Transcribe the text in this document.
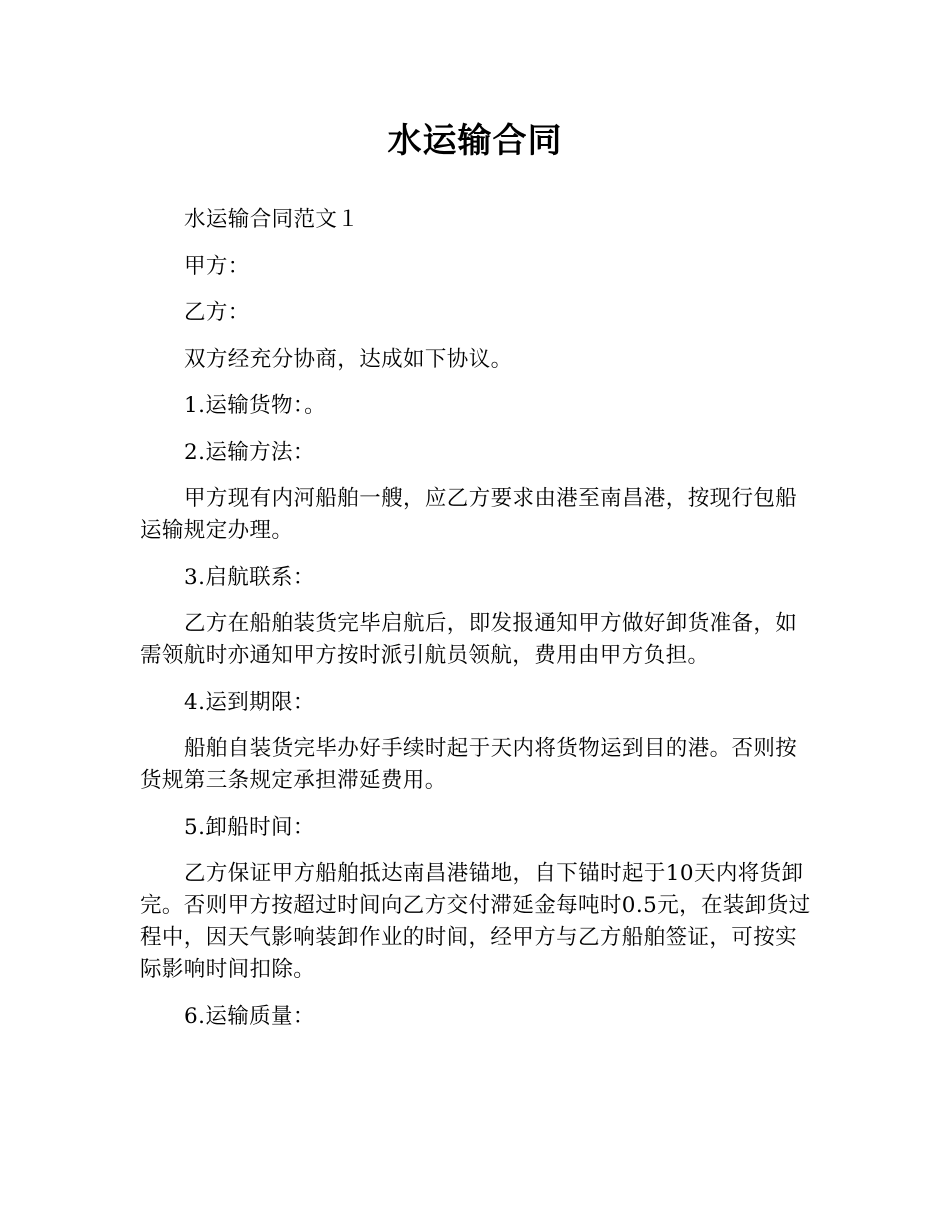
水运输合同

水运输合同范文１

甲方：

乙方：

双方经充分协商，达成如下协议。

1.运输货物：。

2.运输方法：

甲方现有内河船舶一艘，应乙方要求由港至南昌港，按现行包船运输规定办理。

3.启航联系：

乙方在船舶装货完毕启航后，即发报通知甲方做好卸货准备，如需领航时亦通知甲方按时派引航员领航，费用由甲方负担。

4.运到期限：

船舶自装货完毕办好手续时起于天内将货物运到目的港。否则按货规第三条规定承担滞延费用。

5.卸船时间：

乙方保证甲方船舶抵达南昌港锚地，自下锚时起于10天内将货卸完。否则甲方按超过时间向乙方交付滞延金每吨时0.5元，在装卸货过程中，因天气影响装卸作业的时间，经甲方与乙方船舶签证，可按实际影响时间扣除。

6.运输质量：
